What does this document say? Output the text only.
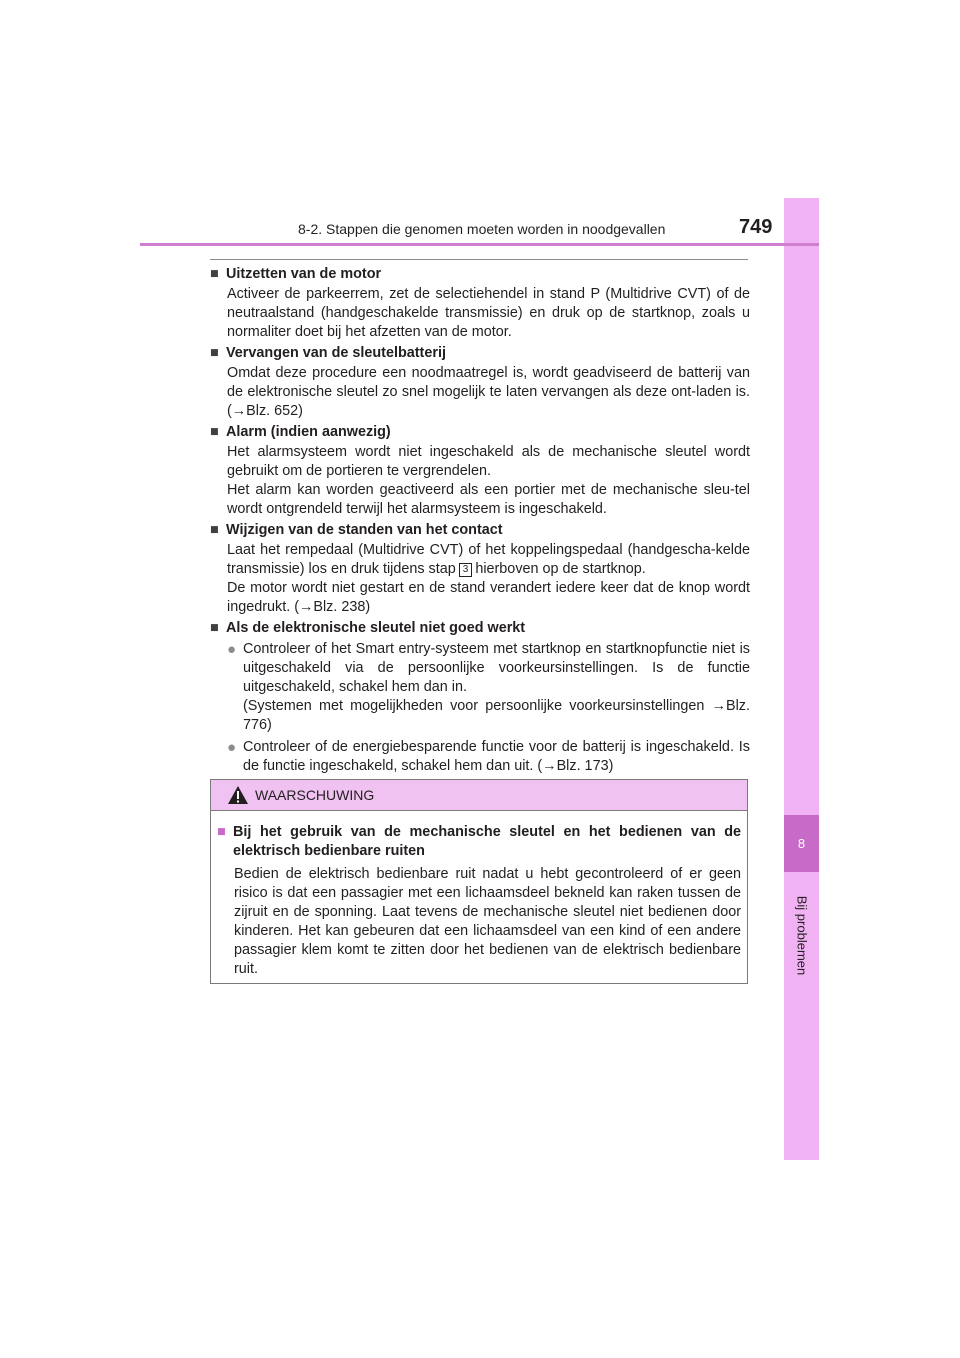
8
Bij problemen
8-2. Stappen die genomen moeten worden in noodgevallen	749
■ Uitzetten van de motor
Activeer de parkeerrem, zet de selectiehendel in stand P (Multidrive CVT) of de neutraalstand (handgeschakelde transmissie) en druk op de startknop, zoals u normaliter doet bij het afzetten van de motor.
■ Vervangen van de sleutelbatterij
Omdat deze procedure een noodmaatregel is, wordt geadviseerd de batterij van de elektronische sleutel zo snel mogelijk te laten vervangen als deze ont-laden is. (→Blz. 652)
■ Alarm (indien aanwezig)
Het alarmsysteem wordt niet ingeschakeld als de mechanische sleutel wordt gebruikt om de portieren te vergrendelen.
Het alarm kan worden geactiveerd als een portier met de mechanische sleu-tel wordt ontgrendeld terwijl het alarmsysteem is ingeschakeld.
■ Wijzigen van de standen van het contact
Laat het rempedaal (Multidrive CVT) of het koppelingspedaal (handgescha-kelde transmissie) los en druk tijdens stap 3 hierboven op de startknop.
De motor wordt niet gestart en de stand verandert iedere keer dat de knop wordt ingedrukt. (→Blz. 238)
■ Als de elektronische sleutel niet goed werkt
● Controleer of het Smart entry-systeem met startknop en startknopfunctie niet is uitgeschakeld via de persoonlijke voorkeursinstellingen. Is de functie uitgeschakeld, schakel hem dan in.
(Systemen met mogelijkheden voor persoonlijke voorkeursinstellingen →Blz. 776)
● Controleer of de energiebesparende functie voor de batterij is ingeschakeld. Is de functie ingeschakeld, schakel hem dan uit. (→Blz. 173)
WAARSCHUWING
■ Bij het gebruik van de mechanische sleutel en het bedienen van de elektrisch bedienbare ruiten
Bedien de elektrisch bedienbare ruit nadat u hebt gecontroleerd of er geen risico is dat een passagier met een lichaamsdeel bekneld kan raken tussen de zijruit en de sponning. Laat tevens de mechanische sleutel niet bedienen door kinderen. Het kan gebeuren dat een lichaamsdeel van een kind of een andere passagier klem komt te zitten door het bedienen van de elektrisch bedienbare ruit.
